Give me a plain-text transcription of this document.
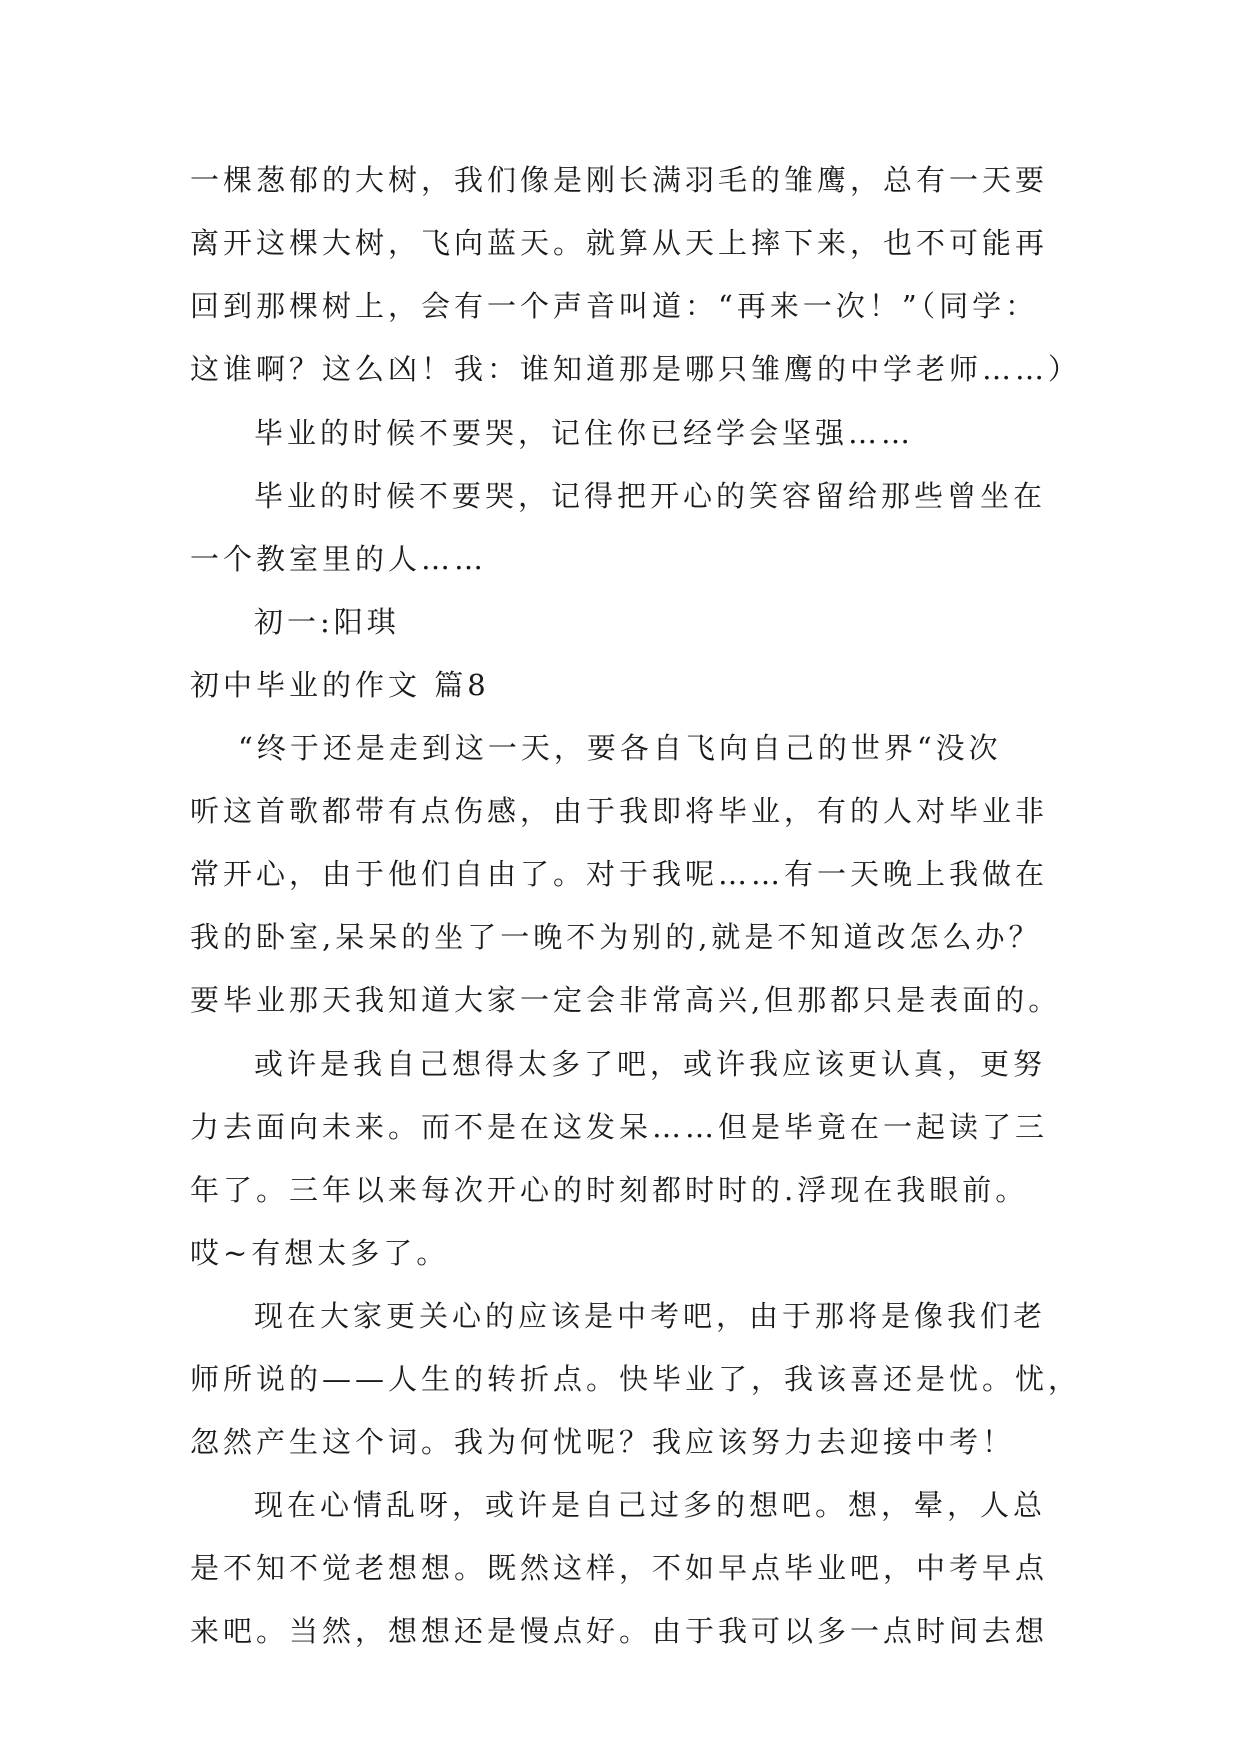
一棵葱郁的大树，我们像是刚长满羽毛的雏鹰，总有一天要
离开这棵大树，飞向蓝天。就算从天上摔下来，也不可能再
回到那棵树上，会有一个声音叫道：“再来一次！”（同学：
这谁啊？这么凶！我：谁知道那是哪只雏鹰的中学老师……）
毕业的时候不要哭，记住你已经学会坚强……
毕业的时候不要哭，记得把开心的笑容留给那些曾坐在
一个教室里的人……
初一:阳琪
初中毕业的作文 篇8
“终于还是走到这一天，要各自飞向自己的世界“没次
听这首歌都带有点伤感，由于我即将毕业，有的人对毕业非
常开心，由于他们自由了。对于我呢……有一天晚上我做在
我的卧室,呆呆的坐了一晚不为别的,就是不知道改怎么办？
要毕业那天我知道大家一定会非常高兴,但那都只是表面的。
或许是我自己想得太多了吧，或许我应该更认真，更努
力去面向未来。而不是在这发呆……但是毕竟在一起读了三
年了。三年以来每次开心的时刻都时时的.浮现在我眼前。
哎~有想太多了。
现在大家更关心的应该是中考吧，由于那将是像我们老
师所说的——人生的转折点。快毕业了，我该喜还是忧。忧，
忽然产生这个词。我为何忧呢？我应该努力去迎接中考！
现在心情乱呀，或许是自己过多的想吧。想，晕，人总
是不知不觉老想想。既然这样，不如早点毕业吧，中考早点
来吧。当然，想想还是慢点好。由于我可以多一点时间去想
